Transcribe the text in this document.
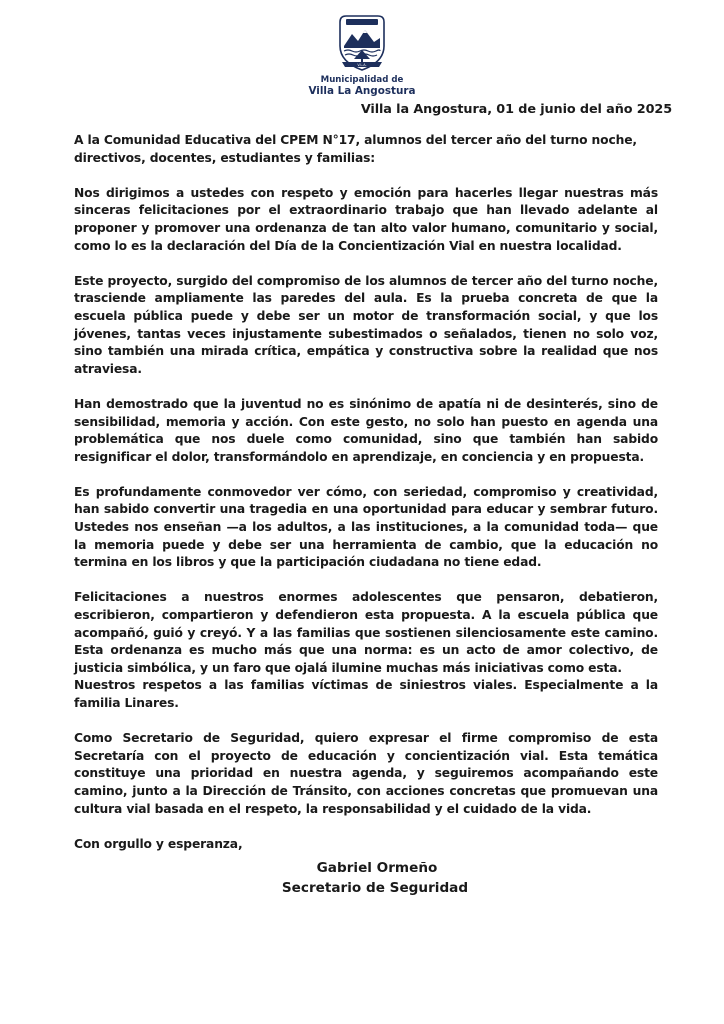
V.L.A.
Municipalidad de
Villa La Angostura
Villa la Angostura, 01 de junio del año 2025

A la Comunidad Educativa del CPEM N°17, alumnos del tercer año del turno noche, directivos, docentes, estudiantes y familias:

Nos dirigimos a ustedes con respeto y emoción para hacerles llegar nuestras más sinceras felicitaciones por el extraordinario trabajo que han llevado adelante al proponer y promover una ordenanza de tan alto valor humano, comunitario y social, como lo es la declaración del Día de la Concientización Vial en nuestra localidad.

Este proyecto, surgido del compromiso de los alumnos de tercer año del turno noche, trasciende ampliamente las paredes del aula. Es la prueba concreta de que la escuela pública puede y debe ser un motor de transformación social, y que los jóvenes, tantas veces injustamente subestimados o señalados, tienen no solo voz, sino también una mirada crítica, empática y constructiva sobre la realidad que nos atraviesa.

Han demostrado que la juventud no es sinónimo de apatía ni de desinterés, sino de sensibilidad, memoria y acción. Con este gesto, no solo han puesto en agenda una problemática que nos duele como comunidad, sino que también han sabido resignificar el dolor, transformándolo en aprendizaje, en conciencia y en propuesta.

Es profundamente conmovedor ver cómo, con seriedad, compromiso y creatividad, han sabido convertir una tragedia en una oportunidad para educar y sembrar futuro. Ustedes nos enseñan —a los adultos, a las instituciones, a la comunidad toda— que la memoria puede y debe ser una herramienta de cambio, que la educación no termina en los libros y que la participación ciudadana no tiene edad.

Felicitaciones a nuestros enormes adolescentes que pensaron, debatieron, escribieron, compartieron y defendieron esta propuesta. A la escuela pública que acompañó, guió y creyó. Y a las familias que sostienen silenciosamente este camino. Esta ordenanza es mucho más que una norma: es un acto de amor colectivo, de justicia simbólica, y un faro que ojalá ilumine muchas más iniciativas como esta.

Nuestros respetos a las familias víctimas de siniestros viales. Especialmente a la familia Linares.

Como Secretario de Seguridad, quiero expresar el firme compromiso de esta Secretaría con el proyecto de educación y concientización vial. Esta temática constituye una prioridad en nuestra agenda, y seguiremos acompañando este camino, junto a la Dirección de Tránsito, con acciones concretas que promuevan una cultura vial basada en el respeto, la responsabilidad y el cuidado de la vida.

Con orgullo y esperanza,

Gabriel Ormeño
Secretario de Seguridad
